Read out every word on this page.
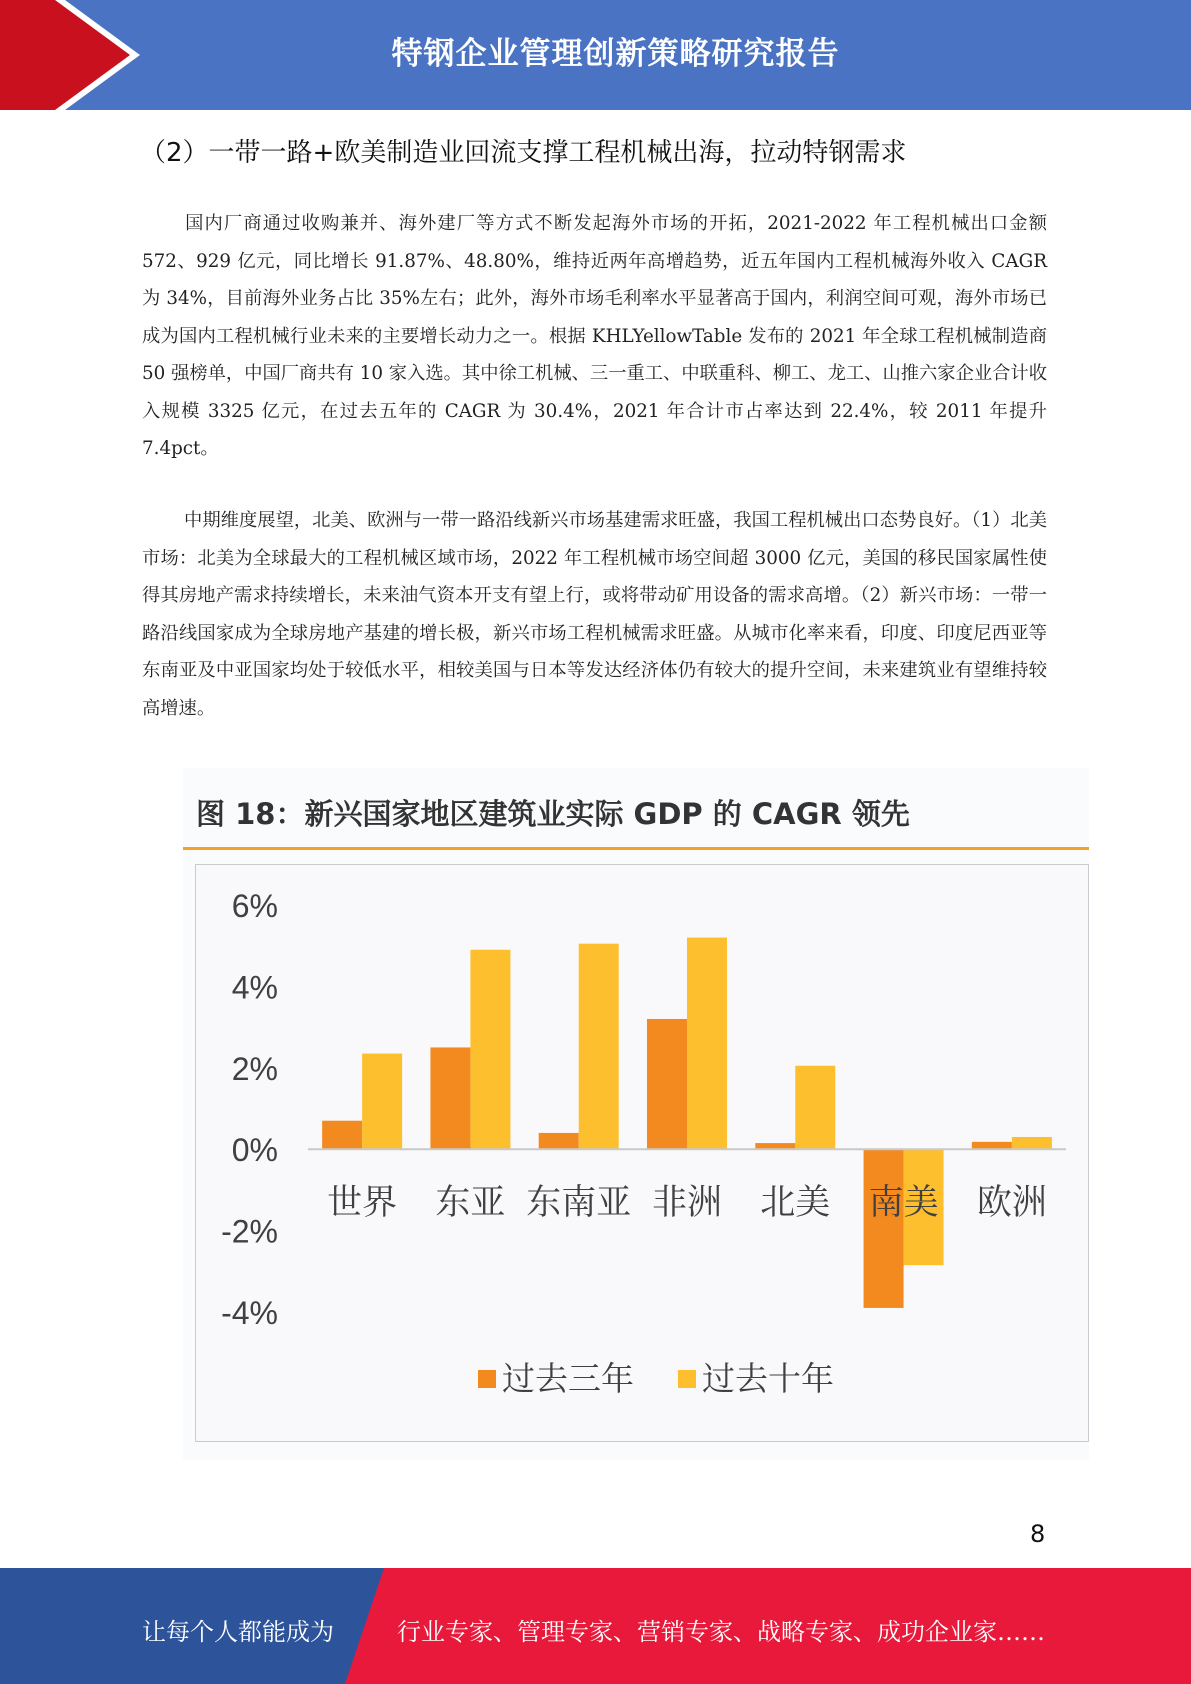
特钢企业管理创新策略研究报告
（2）一带一路+欧美制造业回流支撑工程机械出海，拉动特钢需求

国内厂商通过收购兼并、海外建厂等方式不断发起海外市场的开拓，2021-2022 年工程机械出口金额 572、929 亿元，同比增长 91.87%、48.80%，维持近两年高增趋势，近五年国内工程机械海外收入 CAGR 为 34%，目前海外业务占比 35%左右；此外，海外市场毛利率水平显著高于国内，利润空间可观，海外市场已成为国内工程机械行业未来的主要增长动力之一。根据 KHLYellowTable 发布的 2021 年全球工程机械制造商 50 强榜单，中国厂商共有 10 家入选。其中徐工机械、三一重工、中联重科、柳工、龙工、山推六家企业合计收入规模 3325 亿元，在过去五年的 CAGR 为 30.4%，2021 年合计市占率达到 22.4%，较 2011 年提升 7.4pct。

中期维度展望，北美、欧洲与一带一路沿线新兴市场基建需求旺盛，我国工程机械出口态势良好。（1）北美市场：北美为全球最大的工程机械区域市场，2022 年工程机械市场空间超 3000 亿元，美国的移民国家属性使得其房地产需求持续增长，未来油气资本开支有望上行，或将带动矿用设备的需求高增。（2）新兴市场：一带一路沿线国家成为全球房地产基建的增长极，新兴市场工程机械需求旺盛。从城市化率来看，印度、印度尼西亚等东南亚及中亚国家均处于较低水平，相较美国与日本等发达经济体仍有较大的提升空间，未来建筑业有望维持较高增速。

图 18：新兴国家地区建筑业实际 GDP 的 CAGR 领先
6%
4%
2%
0%
-2%
-4%
世界 东亚 东南亚 非洲 北美 南美 欧洲
过去三年 过去十年
8
让每个人都能成为	行业专家、管理专家、营销专家、战略专家、成功企业家……
